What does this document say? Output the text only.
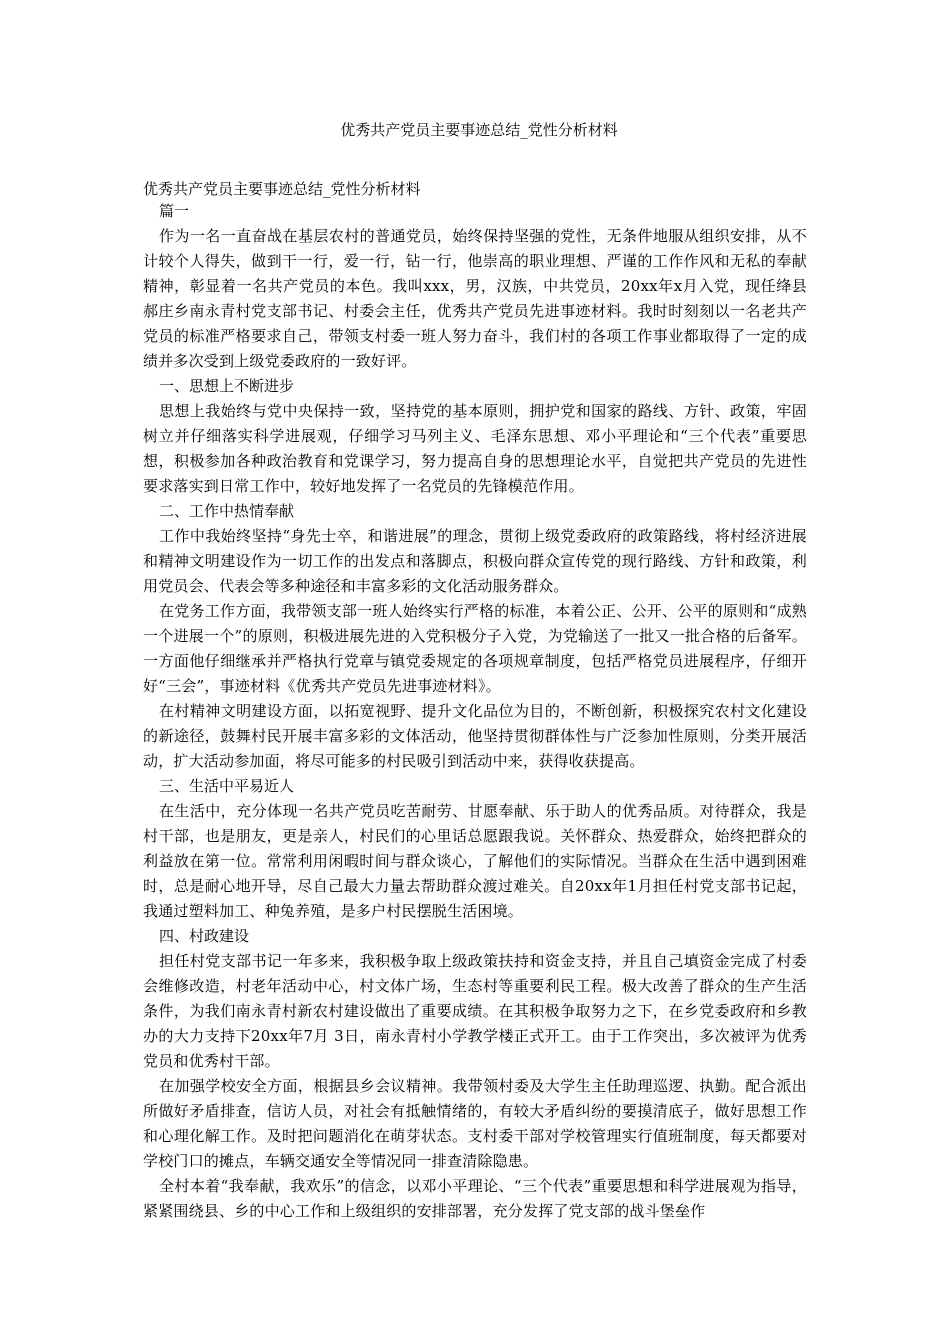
优秀共产党员主要事迹总结_党性分析材料
优秀共产党员主要事迹总结_党性分析材料

篇一

作为一名一直奋战在基层农村的普通党员，始终保持坚强的党性，无条件地服从组织安排，从不计较个人得失，做到干一行，爱一行，钻一行，他崇高的职业理想、严谨的工作作风和无私的奉献精神，彰显着一名共产党员的本色。我叫xxx，男，汉族，中共党员，20xx年x月入党，现任绛县郝庄乡南永青村党支部书记、村委会主任，优秀共产党员先进事迹材料。我时时刻刻以一名老共产党员的标准严格要求自己，带领支村委一班人努力奋斗，我们村的各项工作事业都取得了一定的成绩并多次受到上级党委政府的一致好评。

一、思想上不断进步

思想上我始终与党中央保持一致，坚持党的基本原则，拥护党和国家的路线、方针、政策，牢固树立并仔细落实科学进展观，仔细学习马列主义、毛泽东思想、邓小平理论和“三个代表”重要思想，积极参加各种政治教育和党课学习，努力提高自身的思想理论水平，自觉把共产党员的先进性要求落实到日常工作中，较好地发挥了一名党员的先锋模范作用。

二、工作中热情奉献

工作中我始终坚持“身先士卒，和谐进展”的理念，贯彻上级党委政府的政策路线，将村经济进展和精神文明建设作为一切工作的出发点和落脚点，积极向群众宣传党的现行路线、方针和政策，利用党员会、代表会等多种途径和丰富多彩的文化活动服务群众。

在党务工作方面，我带领支部一班人始终实行严格的标准，本着公正、公开、公平的原则和“成熟一个进展一个”的原则，积极进展先进的入党积极分子入党，为党输送了一批又一批合格的后备军。一方面他仔细继承并严格执行党章与镇党委规定的各项规章制度，包括严格党员进展程序，仔细开好“三会”，事迹材料《优秀共产党员先进事迹材料》。

在村精神文明建设方面，以拓宽视野、提升文化品位为目的，不断创新，积极探究农村文化建设的新途径，鼓舞村民开展丰富多彩的文体活动，他坚持贯彻群体性与广泛参加性原则，分类开展活动，扩大活动参加面，将尽可能多的村民吸引到活动中来，获得收获提高。

三、生活中平易近人

在生活中，充分体现一名共产党员吃苦耐劳、甘愿奉献、乐于助人的优秀品质。对待群众，我是村干部，也是朋友，更是亲人，村民们的心里话总愿跟我说。关怀群众、热爱群众，始终把群众的利益放在第一位。常常利用闲暇时间与群众谈心，了解他们的实际情况。当群众在生活中遇到困难时，总是耐心地开导，尽自己最大力量去帮助群众渡过难关。自20xx年1月担任村党支部书记起，我通过塑料加工、种兔养殖，是多户村民摆脱生活困境。

四、村政建设

担任村党支部书记一年多来，我积极争取上级政策扶持和资金支持，并且自己填资金完成了村委会维修改造，村老年活动中心，村文体广场，生态村等重要利民工程。极大改善了群众的生产生活条件，为我们南永青村新农村建设做出了重要成绩。在其积极争取努力之下，在乡党委政府和乡教办的大力支持下20xx年7月 3日，南永青村小学教学楼正式开工。由于工作突出，多次被评为优秀党员和优秀村干部。

在加强学校安全方面，根据县乡会议精神。我带领村委及大学生主任助理巡逻、执勤。配合派出所做好矛盾排查，信访人员，对社会有抵触情绪的，有较大矛盾纠纷的要摸清底子，做好思想工作和心理化解工作。及时把问题消化在萌芽状态。支村委干部对学校管理实行值班制度，每天都要对学校门口的摊点，车辆交通安全等情况同一排查清除隐患。

全村本着“我奉献，我欢乐”的信念，以邓小平理论、“三个代表”重要思想和科学进展观为指导，紧紧围绕县、乡的中心工作和上级组织的安排部署，充分发挥了党支部的战斗堡垒作
